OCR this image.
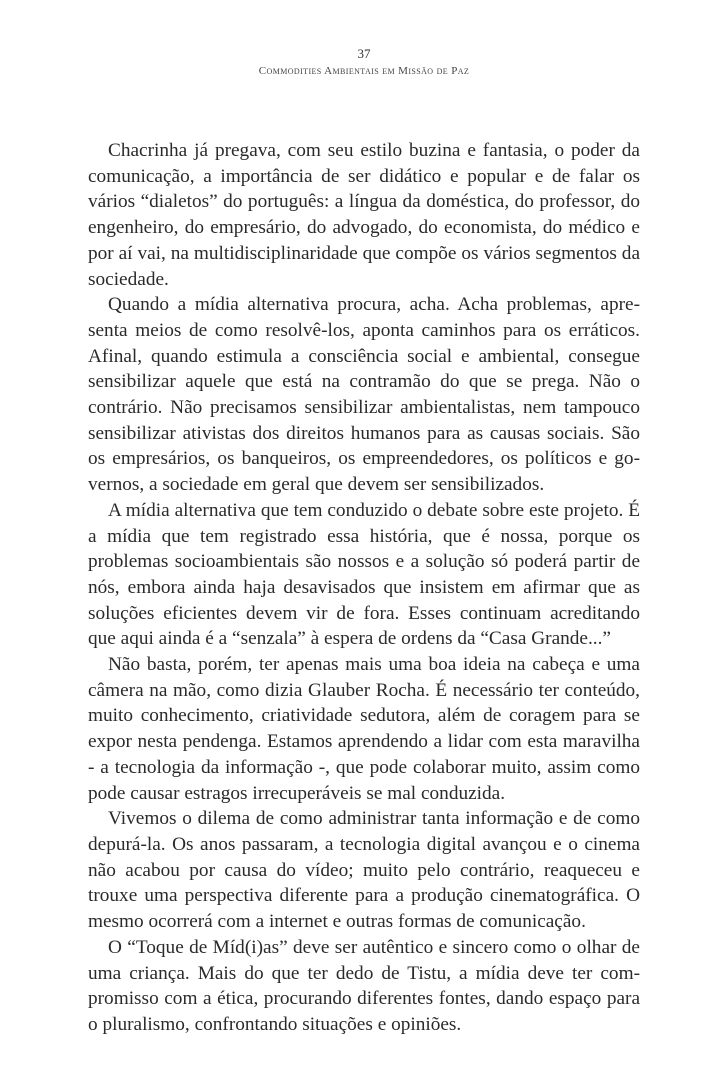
37
Commodities Ambientais em Missão de Paz

Chacrinha já pregava, com seu estilo buzina e fantasia, o poder da comunicação, a importância de ser didático e popular e de falar os vários “dialetos” do português: a língua da doméstica, do professor, do engenheiro, do empresário, do advogado, do economista, do médico e por aí vai, na multidisciplinaridade que compõe os vários segmentos da sociedade.

Quando a mídia alternativa procura, acha. Acha problemas, apresenta meios de como resolvê-los, aponta caminhos para os erráticos. Afinal, quando estimula a consciência social e ambiental, consegue sensibilizar aquele que está na contramão do que se prega. Não o contrário. Não precisamos sensibilizar ambientalistas, nem tampouco sensibilizar ativistas dos direitos humanos para as causas sociais. São os empresários, os banqueiros, os empreendedores, os políticos e governos, a sociedade em geral que devem ser sensibilizados.

A mídia alternativa que tem conduzido o debate sobre este projeto. É a mídia que tem registrado essa história, que é nossa, porque os problemas socioambientais são nossos e a solução só poderá partir de nós, embora ainda haja desavisados que insistem em afirmar que as soluções eficientes devem vir de fora. Esses continuam acreditando que aqui ainda é a “senzala” à espera de ordens da “Casa Grande...”

Não basta, porém, ter apenas mais uma boa ideia na cabeça e uma câmera na mão, como dizia Glauber Rocha. É necessário ter conteúdo, muito conhecimento, criatividade sedutora, além de coragem para se expor nesta pendenga. Estamos aprendendo a lidar com esta maravilha - a tecnologia da informação -, que pode colaborar muito, assim como pode causar estragos irrecuperáveis se mal conduzida.

Vivemos o dilema de como administrar tanta informação e de como depurá-la. Os anos passaram, a tecnologia digital avançou e o cinema não acabou por causa do vídeo; muito pelo contrário, reaqueceu e trouxe uma perspectiva diferente para a produção cinematográfica. O mesmo ocorrerá com a internet e outras formas de comunicação.

O “Toque de Míd(i)as” deve ser autêntico e sincero como o olhar de uma criança. Mais do que ter dedo de Tistu, a mídia deve ter compromisso com a ética, procurando diferentes fontes, dando espaço para o pluralismo, confrontando situações e opiniões.
